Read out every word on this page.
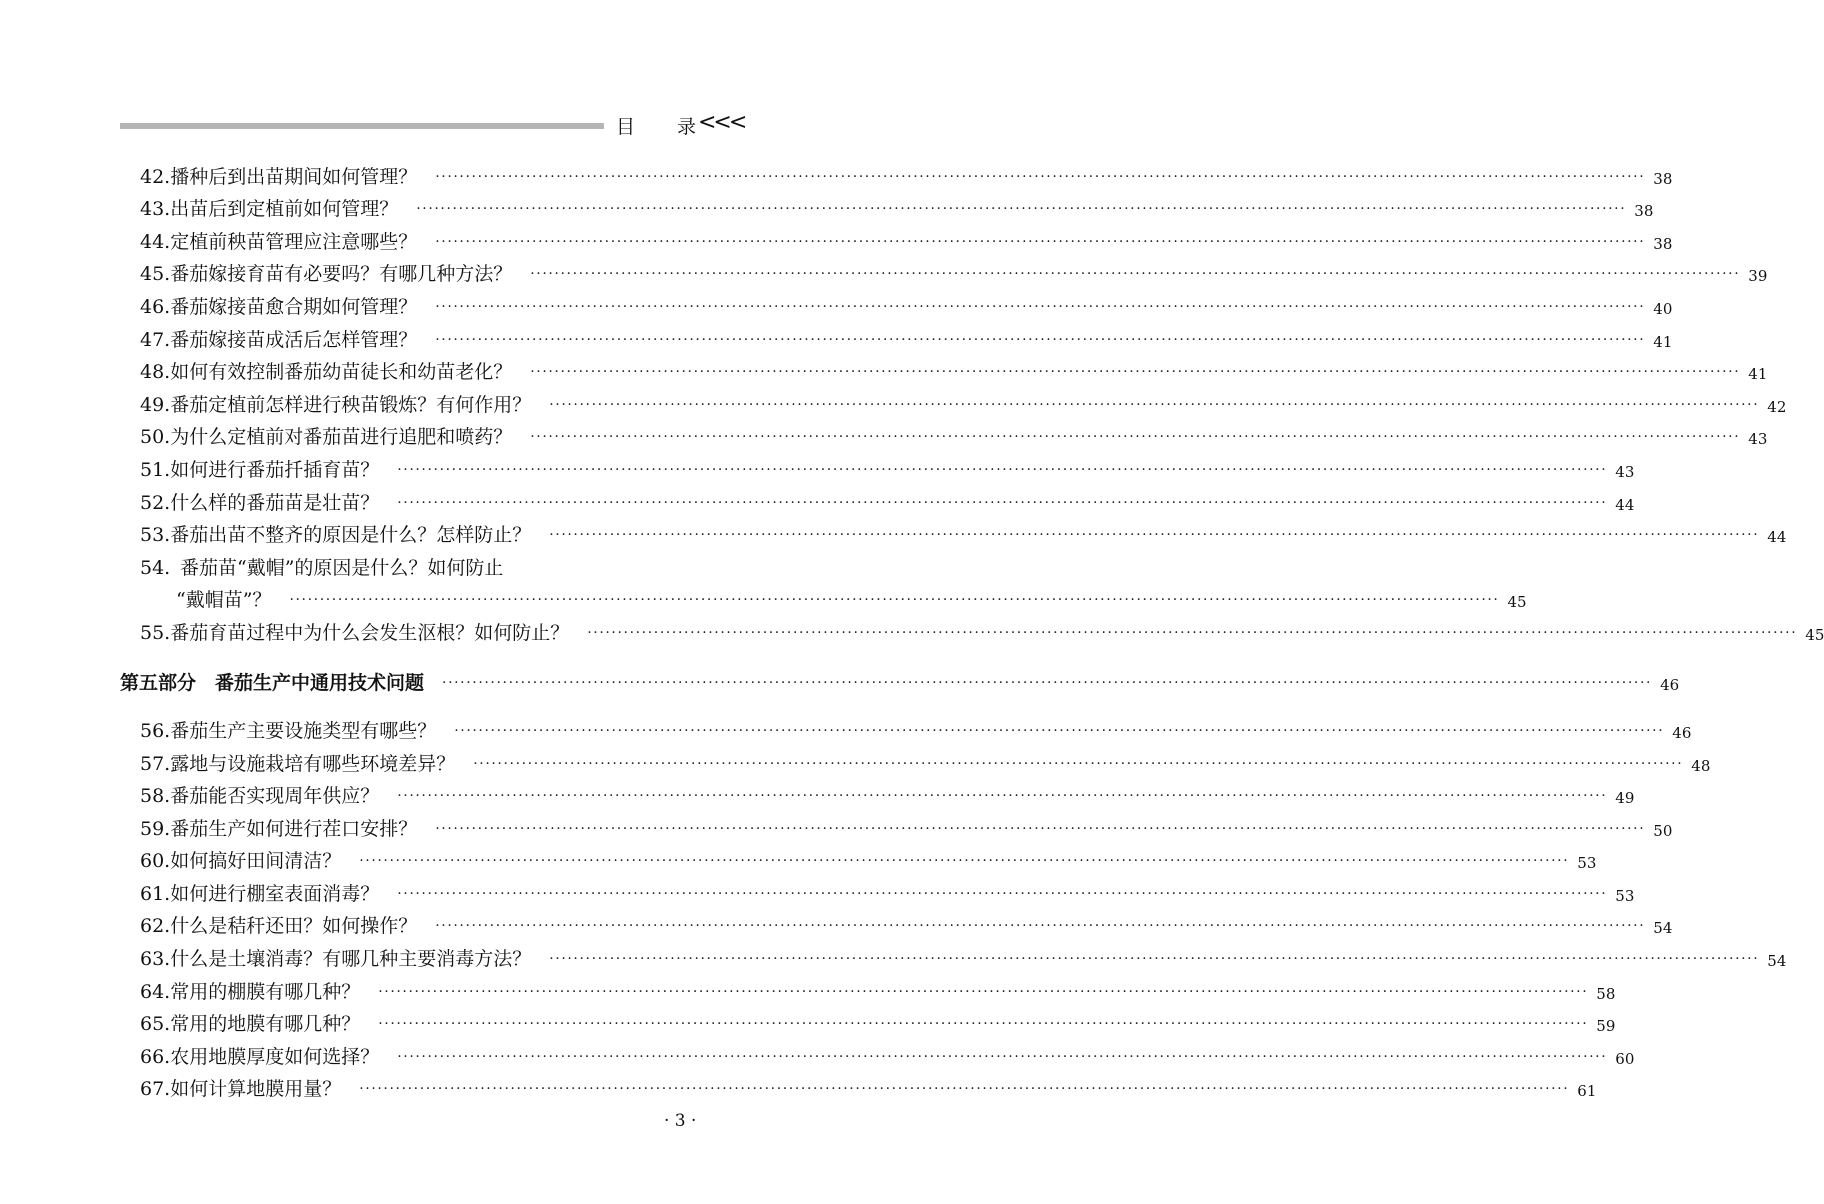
目 录 <<<
42. 播种后到出苗期间如何管理？ ········································································································································································································ 38
43. 出苗后到定植前如何管理？ ········································································································································································································ 38
44. 定植前秧苗管理应注意哪些？ ········································································································································································································ 38
45. 番茄嫁接育苗有必要吗？有哪几种方法？ ········································································································································································································ 39
46. 番茄嫁接苗愈合期如何管理？ ········································································································································································································ 40
47. 番茄嫁接苗成活后怎样管理？ ········································································································································································································ 41
48. 如何有效控制番茄幼苗徒长和幼苗老化？ ········································································································································································································ 41
49. 番茄定植前怎样进行秧苗锻炼？有何作用？ ········································································································································································································ 42
50. 为什么定植前对番茄苗进行追肥和喷药？ ········································································································································································································ 43
51. 如何进行番茄扦插育苗？ ········································································································································································································ 43
52. 什么样的番茄苗是壮苗？ ········································································································································································································ 44
53. 番茄出苗不整齐的原因是什么？怎样防止？ ········································································································································································································ 44
54. 番茄苗“戴帽”的原因是什么？如何防止
“戴帽苗”？ ········································································································································································································ 45
55. 番茄育苗过程中为什么会发生沤根？如何防止？ ········································································································································································································ 45
第五部分　番茄生产中通用技术问题 ········································································································································································································ 46
56. 番茄生产主要设施类型有哪些？ ········································································································································································································ 46
57. 露地与设施栽培有哪些环境差异？ ········································································································································································································ 48
58. 番茄能否实现周年供应？ ········································································································································································································ 49
59. 番茄生产如何进行茬口安排？ ········································································································································································································ 50
60. 如何搞好田间清洁？ ········································································································································································································ 53
61. 如何进行棚室表面消毒？ ········································································································································································································ 53
62. 什么是秸秆还田？如何操作？ ········································································································································································································ 54
63. 什么是土壤消毒？有哪几种主要消毒方法？ ········································································································································································································ 54
64. 常用的棚膜有哪几种？ ········································································································································································································ 58
65. 常用的地膜有哪几种？ ········································································································································································································ 59
66. 农用地膜厚度如何选择？ ········································································································································································································ 60
67. 如何计算地膜用量？ ········································································································································································································ 61
· 3 ·
